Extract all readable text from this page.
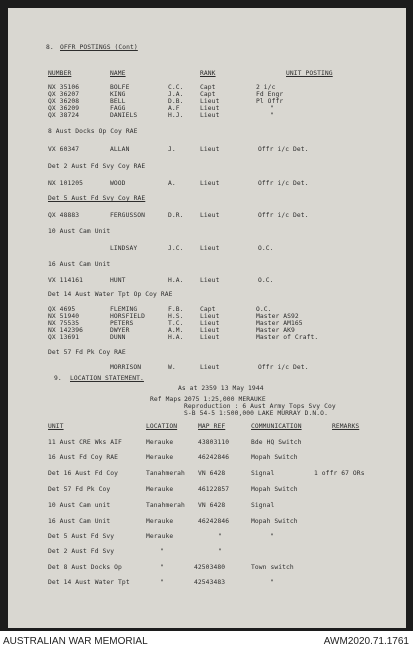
8. OFFR POSTINGS (Cont)
NUMBER	NAME	RANK	UNIT POSTING
NX 35106	BOLFE	C.C.	Capt	2 i/c
QX 36207	KING	J.A.	Capt	Fd Engr
QX 36208	BELL	D.B.	Lieut	Pl Offr
QX 36209	FAGG	A.F	Lieut	"
QX 38724	DANIELS	H.J.	Lieut	"
8 Aust Docks Op Coy RAE
VX 60347	ALLAN	J.	Lieut	Offr i/c Det.
Det 2 Aust Fd Svy Coy RAE
NX 101205	WOOD	A.	Lieut	Offr i/c Det.
Det 5 Aust Fd Svy Coy RAE
QX 48883	FERGUSSON	D.R.	Lieut	Offr i/c Det.
10 Aust Cam Unit
LINDSAY	J.C.	Lieut	O.C.
16 Aust Cam Unit
VX 114161	HUNT	H.A.	Lieut	O.C.
Det 14 Aust Water Tpt Op Coy RAE
QX 4695	FLEMING	F.B.	Capt	O.C.
NX 51940	HORSFIELD	H.S.	Lieut	Master AS92
NX 75535	PETERS	T.C.	Lieut	Master AM165
NX 142396	DWYER	A.M.	Lieut	Master AK9
QX 13691	DUNN	H.A.	Lieut	Master of Craft.
Det 57 Fd Pk Coy RAE
MORRISON	W.	Lieut	Offr i/c Det.
9. LOCATION STATEMENT.
As at 2359 13 May 1944
Ref Maps :
2075 1:25,000 MERAUKE
Reproduction : 6 Aust Army Tops Svy Coy
S-B 54-5 1:500,000 LAKE MURRAY D.N.O.
UNIT	LOCATION	MAP REF	COMMUNICATION	REMARKS
11 Aust CRE Wks AIF	Merauke	43803110	Bde HQ Switch
16 Aust Fd Coy RAE	Merauke	46242846	Mopah Switch
Det 16 Aust Fd Coy	Tanahmerah VN 6428	Signal	1 offr 67 ORs
Det 57 Fd Pk Coy	Merauke	46122857	Mopah Switch
10 Aust Cam unit	Tanahmerah VN 6428	Signal
16 Aust Cam Unit	Merauke	46242846	Mopah Switch
Det 5 Aust Fd Svy	Merauke	"	"
Det 2 Aust Fd Svy	"	"
Det 8 Aust Docks Op	"	42503480	Town switch
Det 14 Aust Water Tpt	"	42543483	"
AUSTRALIAN WAR MEMORIAL	AWM2020.71.1761
